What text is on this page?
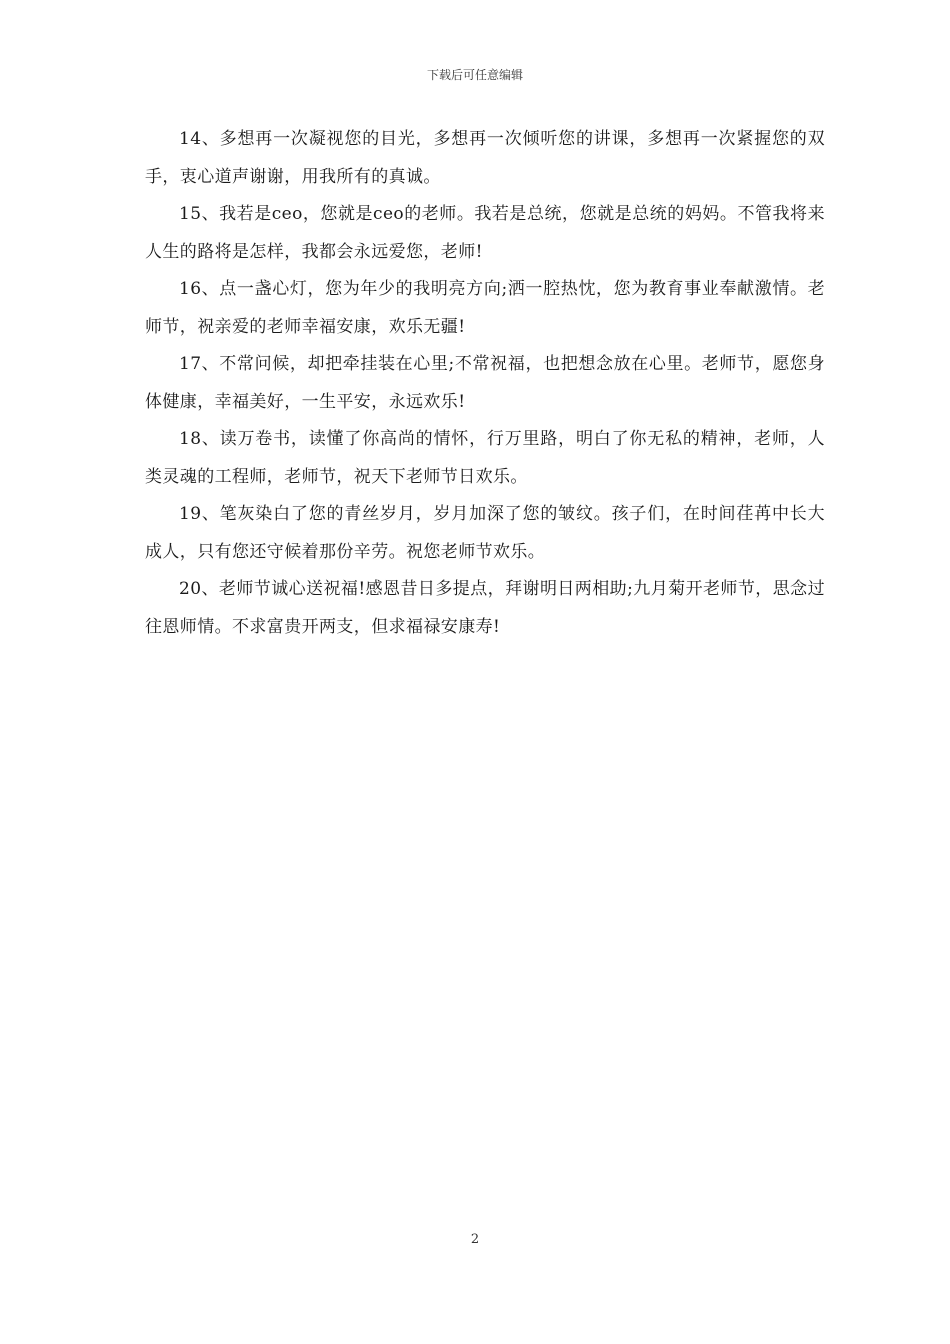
下载后可任意编辑

14、多想再一次凝视您的目光，多想再一次倾听您的讲课，多想再一次紧握您的双手，衷心道声谢谢，用我所有的真诚。

15、我若是ceo，您就是ceo的老师。我若是总统，您就是总统的妈妈。不管我将来人生的路将是怎样，我都会永远爱您，老师!

16、点一盏心灯，您为年少的我明亮方向;洒一腔热忱，您为教育事业奉献激情。老师节，祝亲爱的老师幸福安康，欢乐无疆!

17、不常问候，却把牵挂装在心里;不常祝福，也把想念放在心里。老师节，愿您身体健康，幸福美好，一生平安，永远欢乐!

18、读万卷书，读懂了你高尚的情怀，行万里路，明白了你无私的精神，老师，人类灵魂的工程师，老师节，祝天下老师节日欢乐。

19、笔灰染白了您的青丝岁月，岁月加深了您的皱纹。孩子们，在时间荏苒中长大成人，只有您还守候着那份辛劳。祝您老师节欢乐。

20、老师节诚心送祝福!感恩昔日多提点，拜谢明日两相助;九月菊开老师节，思念过往恩师情。不求富贵开两支，但求福禄安康寿!

2
